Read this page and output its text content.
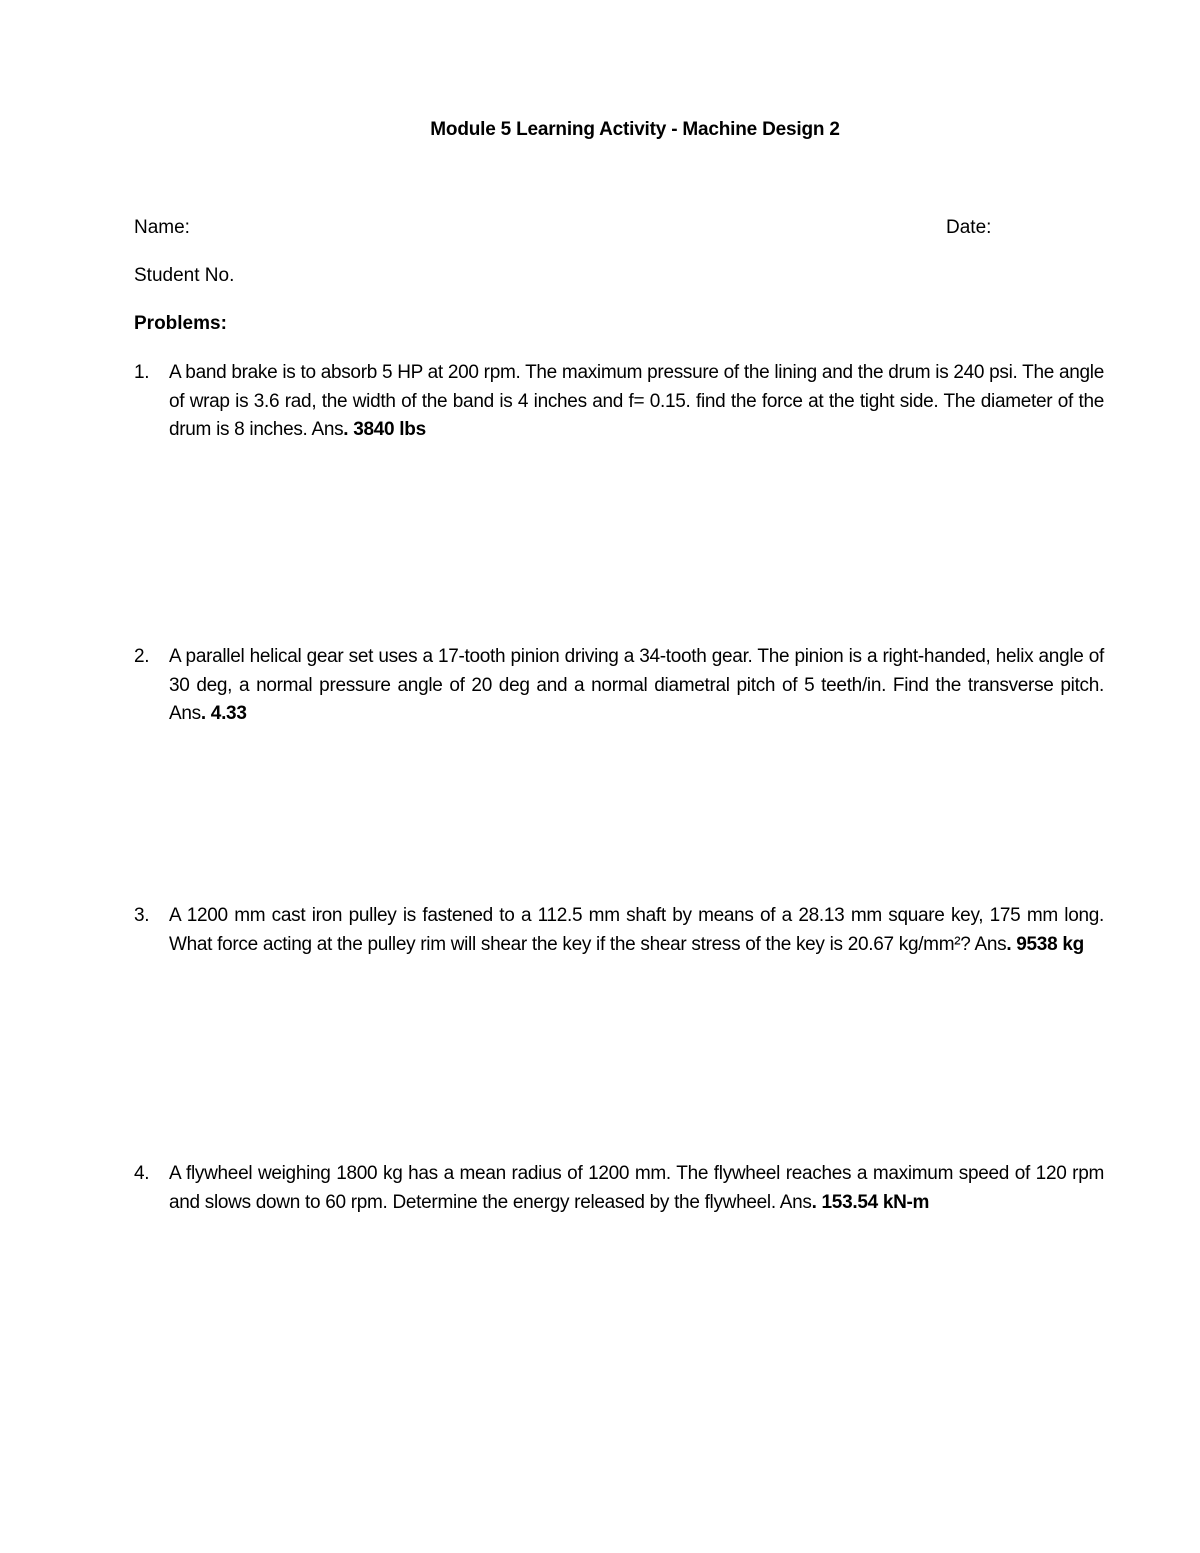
Module 5 Learning Activity - Machine Design 2
Name:	Date:
Student No.
Problems:
1. A band brake is to absorb 5 HP at 200 rpm. The maximum pressure of the lining and the drum is 240 psi. The angle of wrap is 3.6 rad, the width of the band is 4 inches and f= 0.15. find the force at the tight side. The diameter of the drum is 8 inches. Ans. 3840 lbs
2. A parallel helical gear set uses a 17-tooth pinion driving a 34-tooth gear. The pinion is a right-handed, helix angle of 30 deg, a normal pressure angle of 20 deg and a normal diametral pitch of 5 teeth/in. Find the transverse pitch. Ans. 4.33
3. A 1200 mm cast iron pulley is fastened to a 112.5 mm shaft by means of a 28.13 mm square key, 175 mm long. What force acting at the pulley rim will shear the key if the shear stress of the key is 20.67 kg/mm²? Ans. 9538 kg
4. A flywheel weighing 1800 kg has a mean radius of 1200 mm. The flywheel reaches a maximum speed of 120 rpm and slows down to 60 rpm. Determine the energy released by the flywheel. Ans. 153.54 kN-m
